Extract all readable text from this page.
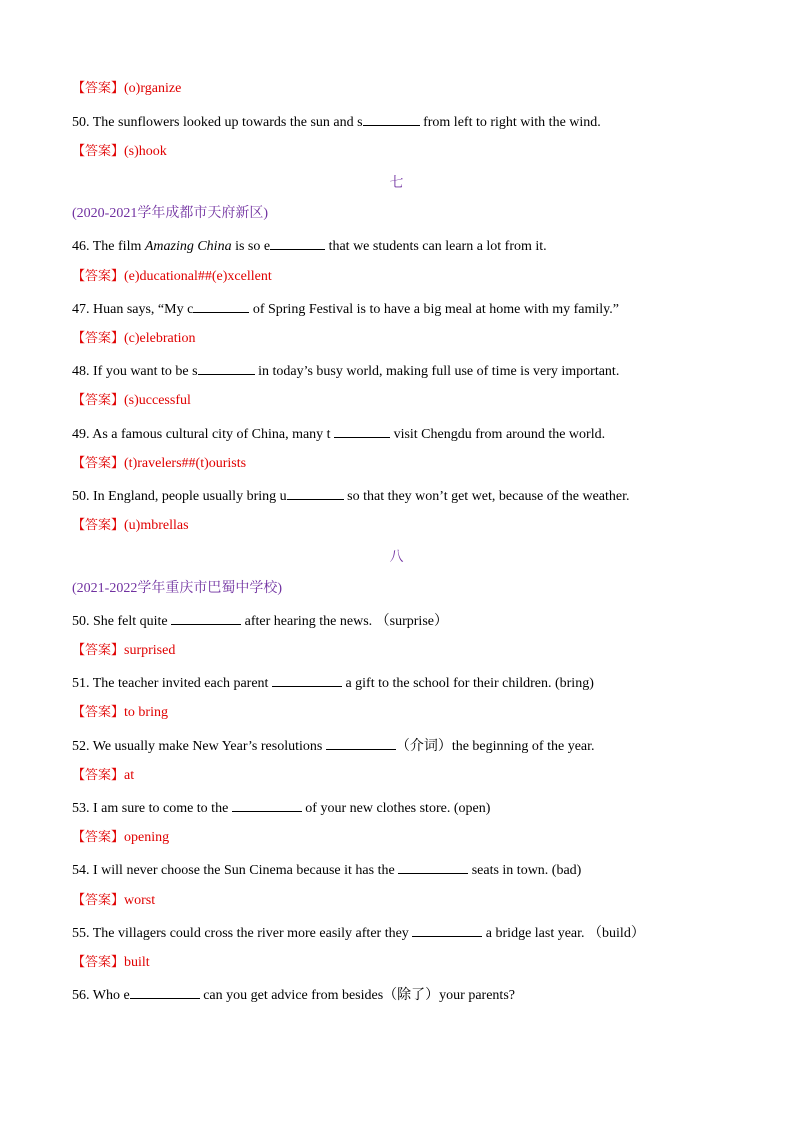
【答案】(o)rganize
50. The sunflowers looked up towards the sun and s	from left to right with the wind.
【答案】(s)hook
七
(2020-2021学年成都市天府新区)
46. The film Amazing China is so e	that we students can learn a lot from it.
【答案】(e)ducational##(e)xcellent
47. Huan says, “My c	of Spring Festival is to have a big meal at home with my family.”
【答案】(c)elebration
48. If you want to be s	in today’s busy world, making full use of time is very important.
【答案】(s)uccessful
49. As a famous cultural city of China, many t	visit Chengdu from around the world.
【答案】(t)ravelers##(t)ourists
50. In England, people usually bring u	so that they won’t get wet, because of the weather.
【答案】(u)mbrellas
八
(2021-2022学年重庆市巴蜀中学校)
50. She felt quite	after hearing the news. （surprise）
【答案】surprised
51. The teacher invited each parent	a gift to the school for their children. (bring)
【答案】to bring
52. We usually make New Year’s resolutions	（介词）the beginning of the year.
【答案】at
53. I am sure to come to the	of your new clothes store. (open)
【答案】opening
54. I will never choose the Sun Cinema because it has the	seats in town. (bad)
【答案】worst
55. The villagers could cross the river more easily after they	a bridge last year. （build）
【答案】built
56. Who e	can you get advice from besides（除了）your parents?
